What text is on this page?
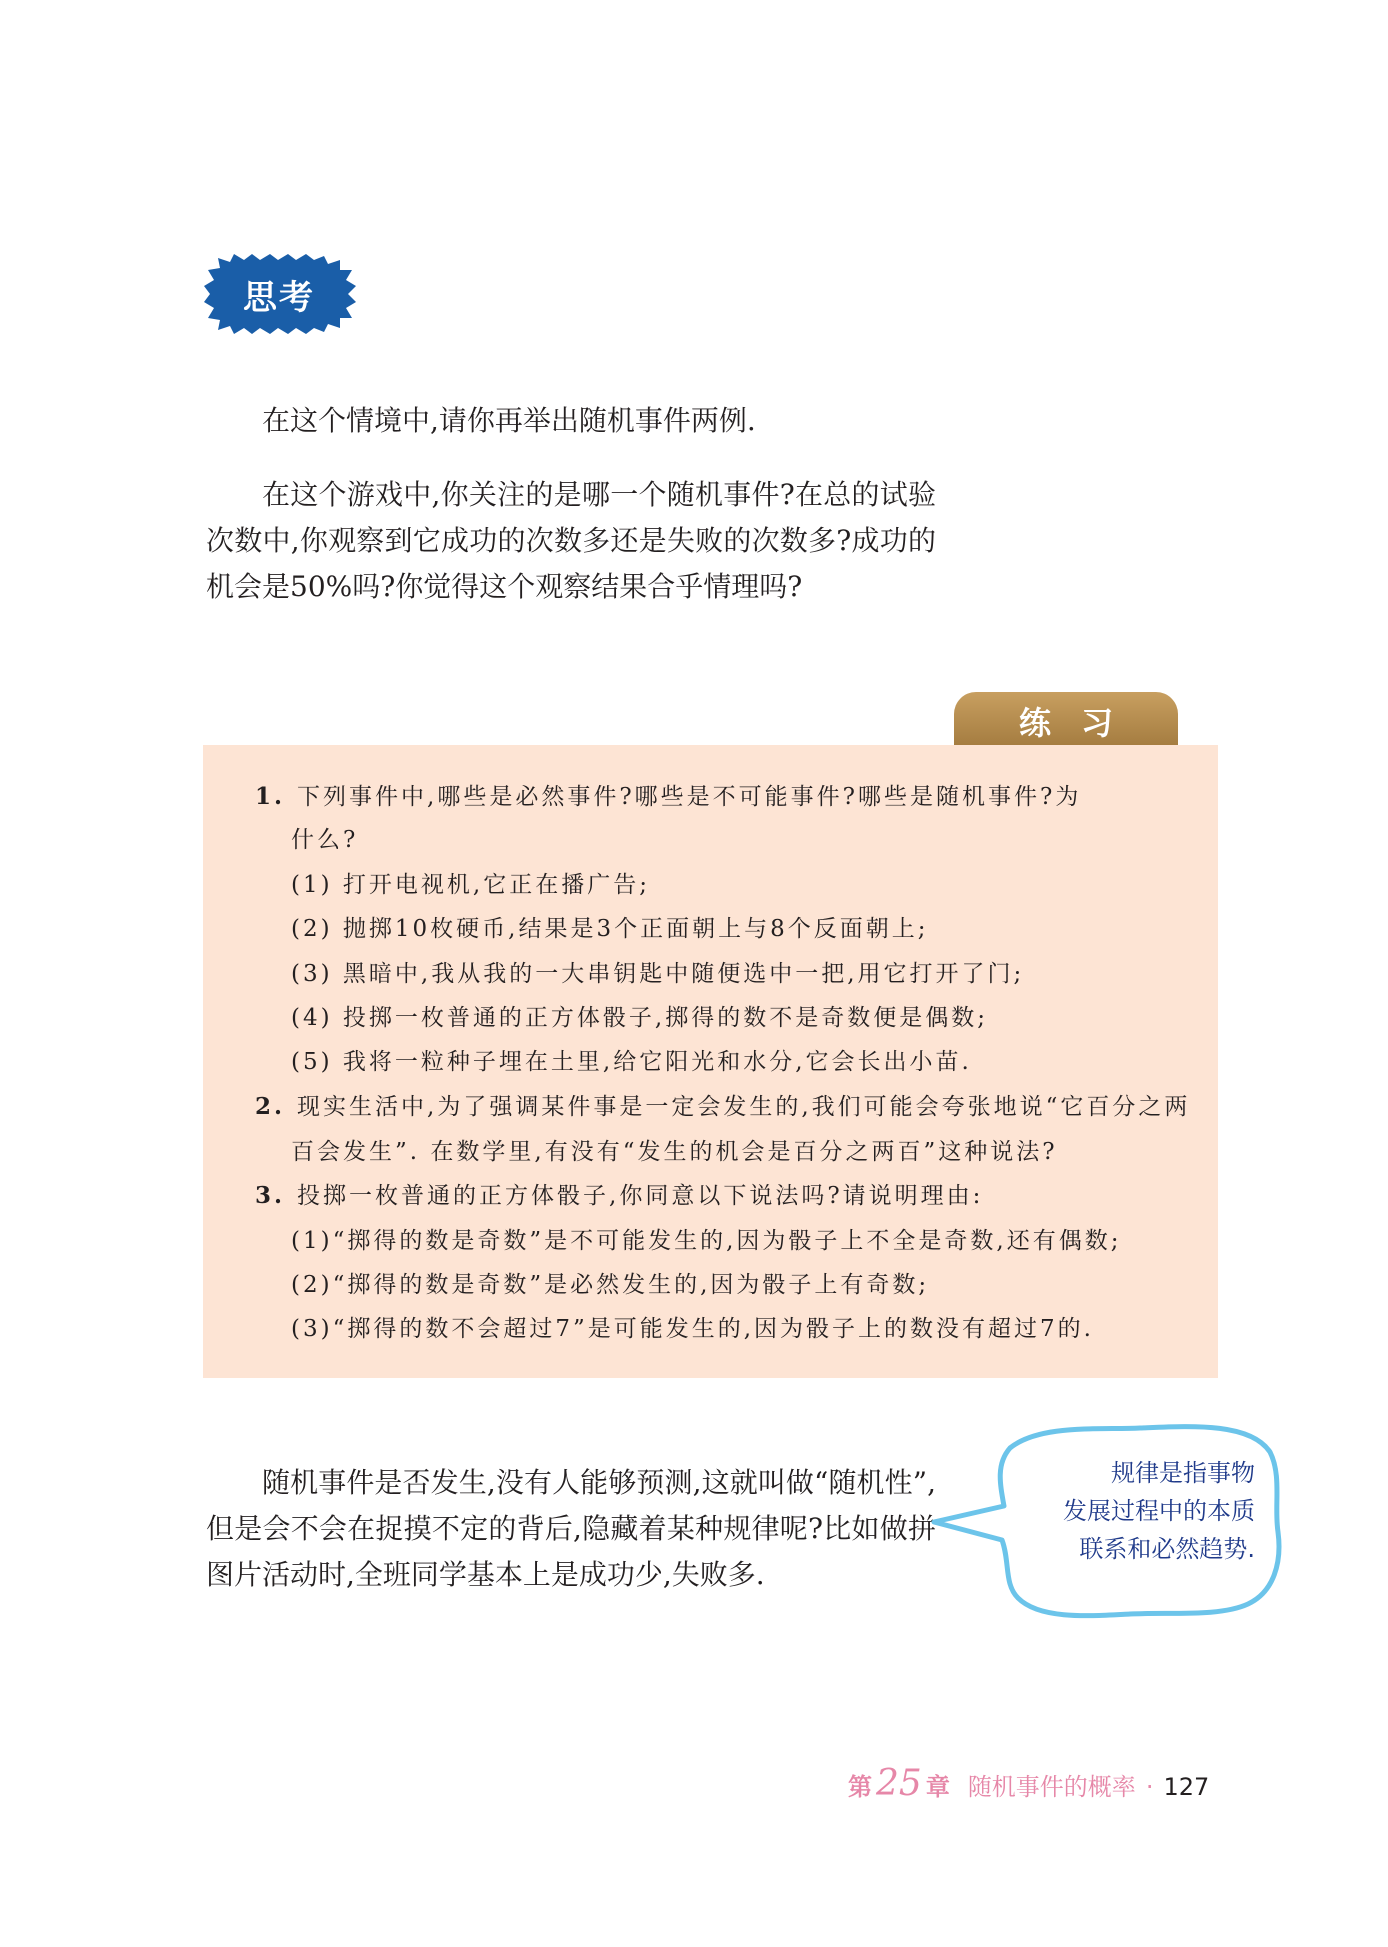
思考

在这个情境中,请你再举出随机事件两例.

在这个游戏中,你关注的是哪一个随机事件?在总的试验次数中,你观察到它成功的次数多还是失败的次数多?成功的机会是50%吗?你觉得这个观察结果合乎情理吗?

练习
1. 下列事件中,哪些是必然事件?哪些是不可能事件?哪些是随机事件?为
什么?
(1) 打开电视机,它正在播广告;
(2) 抛掷10枚硬币,结果是3个正面朝上与8个反面朝上;
(3) 黑暗中,我从我的一大串钥匙中随便选中一把,用它打开了门;
(4) 投掷一枚普通的正方体骰子,掷得的数不是奇数便是偶数;
(5) 我将一粒种子埋在土里,给它阳光和水分,它会长出小苗.
2. 现实生活中,为了强调某件事是一定会发生的,我们可能会夸张地说“它百分之两
百会发生”. 在数学里,有没有“发生的机会是百分之两百”这种说法?
3. 投掷一枚普通的正方体骰子,你同意以下说法吗?请说明理由:
(1)“掷得的数是奇数”是不可能发生的,因为骰子上不全是奇数,还有偶数;
(2)“掷得的数是奇数”是必然发生的,因为骰子上有奇数;
(3)“掷得的数不会超过7”是可能发生的,因为骰子上的数没有超过7的.

随机事件是否发生,没有人能够预测,这就叫做“随机性”,但是会不会在捉摸不定的背后,隐藏着某种规律呢?比如做拼图片活动时,全班同学基本上是成功少,失败多.

规律是指事物
发展过程中的本质
联系和必然趋势.
第 25 章 随机事件的概率 · 127
